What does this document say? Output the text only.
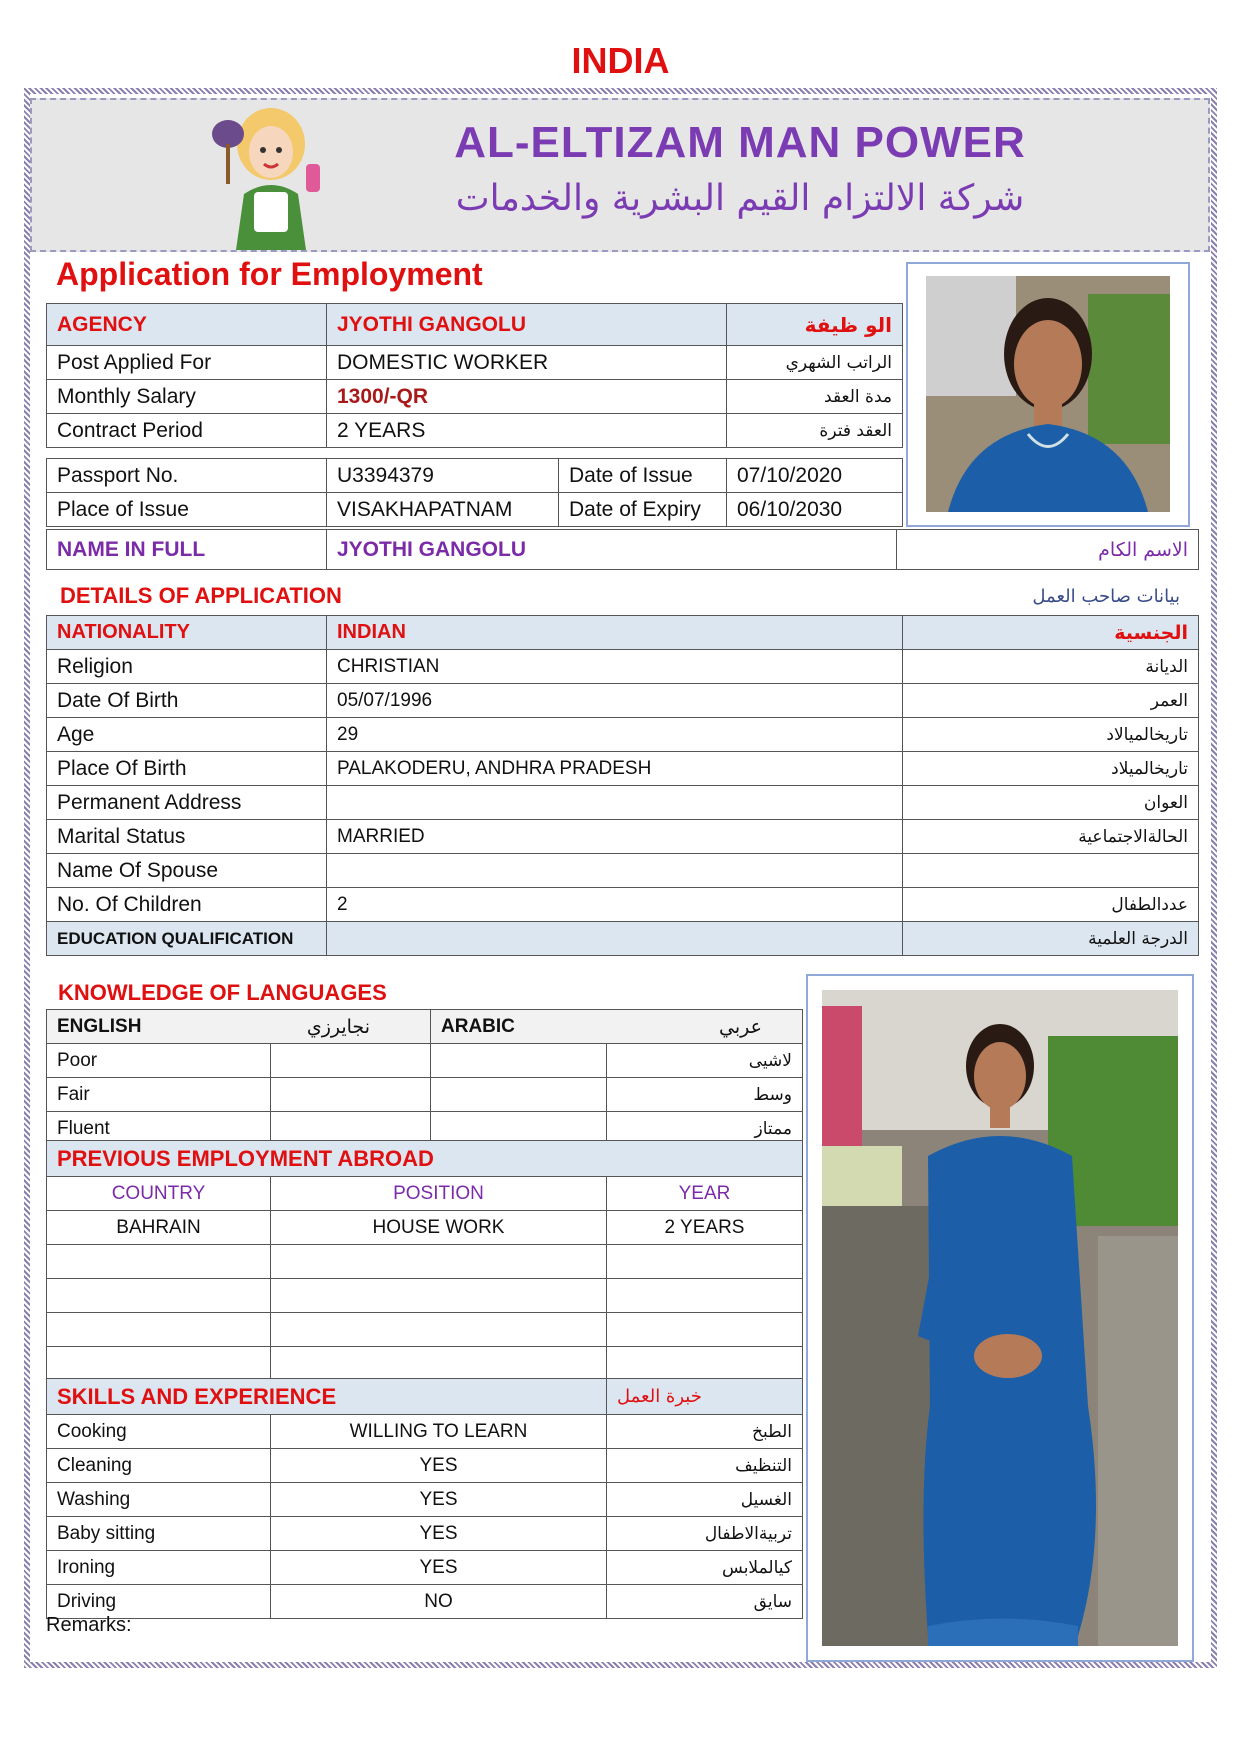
INDIA
AL-ELTIZAM MAN POWER
شركة الالتزام القيم البشرية والخدمات
Application for Employment
AGENCY	JYOTHI GANGOLU	الو ظيفة
Post Applied For	DOMESTIC WORKER	الراتب الشهري
Monthly Salary	1300/-QR	مدة العقد
Contract Period	2 YEARS	العقد فترة
Passport No.	U3394379	Date of Issue	07/10/2020
Place of Issue	VISAKHAPATNAM	Date of Expiry	06/10/2030
NAME IN FULL	JYOTHI GANGOLU	الاسم الكام
DETAILS OF APPLICATION	بيانات صاحب العمل
NATIONALITY	INDIAN	الجنسية
Religion	CHRISTIAN	الديانة
Date Of Birth	05/07/1996	العمر
Age	29	تاريخالميالاد
Place Of Birth	PALAKODERU, ANDHRA PRADESH	تاريخالميلاد
Permanent Address		العوان
Marital Status	MARRIED	الحالةالاجتماعية
Name Of Spouse		
No. Of Children	2	عددالطفال
EDUCATION QUALIFICATION		الدرجة العلمية
KNOWLEDGE OF LANGUAGES
ENGLISH نجايرزي		ARABIC عربي	

Poor			لاشيى
Fair			وسط
Fluent			ممتاز
PREVIOUS EMPLOYMENT ABROAD		
COUNTRY	POSITION	YEAR
BAHRAIN	HOUSE WORK	2 YEARS

SKILLS AND EXPERIENCE		خبرة العمل
Cooking	WILLING TO LEARN	الطبخ
Cleaning	YES	التنظيف
Washing	YES	الغسيل
Baby sitting	YES	تربيةالاطفال
Ironing	YES	كيالملابس
Driving	NO	سايق
Remarks:
